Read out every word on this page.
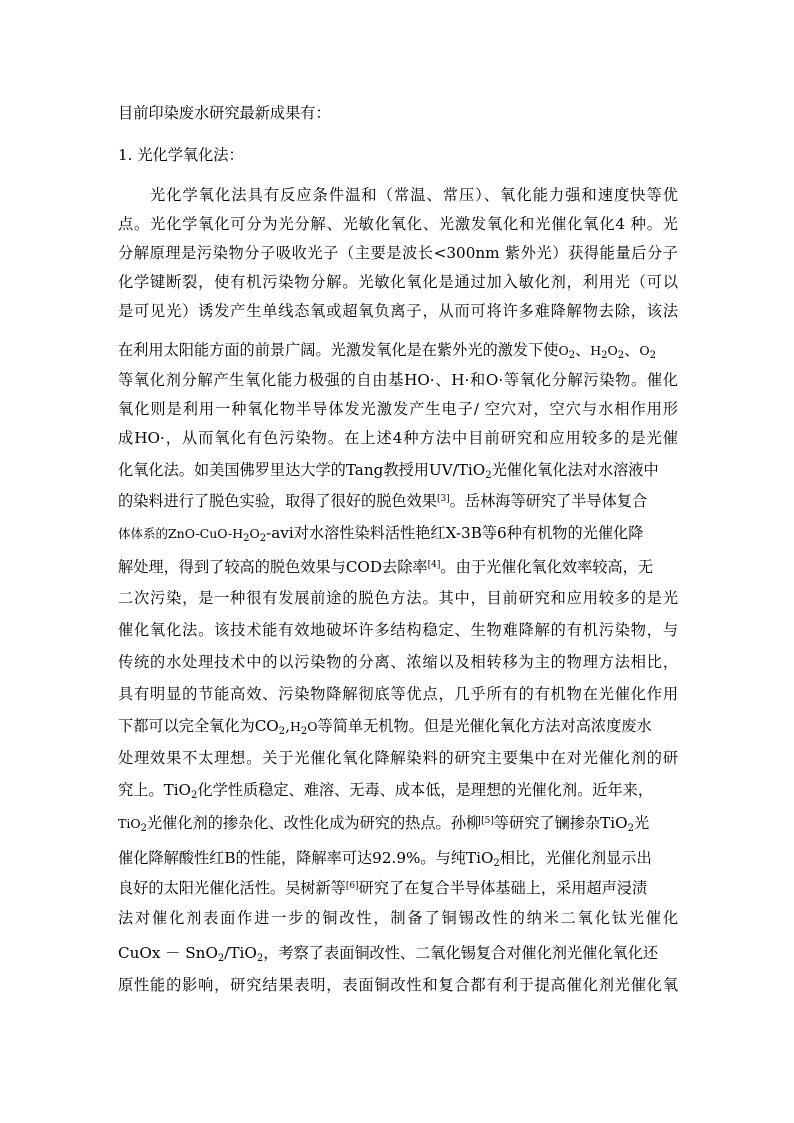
目前印染废水研究最新成果有：
1. 光化学氧化法：
光化学氧化法具有反应条件温和（常温、常压）、氧化能力强和速度快等优
点。光化学氧化可分为光分解、光敏化氧化、光激发氧化和光催化氧化4 种。光
分解原理是污染物分子吸收光子（主要是波长<300nm 紫外光）获得能量后分子
化学键断裂，使有机污染物分解。光敏化氧化是通过加入敏化剂，利用光（可以
是可见光）诱发产生单线态氧或超氧负离子，从而可将许多难降解物去除，该法
在利用太阳能方面的前景广阔。光激发氧化是在紫外光的激发下使$O_2$、$H_2O_2$、$O_2$
等氧化剂分解产生氧化能力极强的自由基HO·、H·和O·等氧化分解污染物。催化
氧化则是利用一种氧化物半导体发光激发产生电子/ 空穴对，空穴与水相作用形
成HO·，从而氧化有色污染物。在上述4种方法中目前研究和应用较多的是光催
化氧化法。如美国佛罗里达大学的Tang教授用UV/TiO$_2$光催化氧化法对水溶液中
的染料进行了脱色实验，取得了很好的脱色效果[3]。岳林海等研究了半导体复合
体体系的ZnO-$CuO-H_2O_2$-avi对水溶性染料活性艳红X-3B等6种有机物的光催化降
解处理，得到了较高的脱色效果与COD去除率[4]。由于光催化氧化效率较高，无
二次污染，是一种很有发展前途的脱色方法。其中，目前研究和应用较多的是光
催化氧化法。该技术能有效地破坏许多结构稳定、生物难降解的有机污染物，与
传统的水处理技术中的以污染物的分离、浓缩以及相转移为主的物理方法相比，
具有明显的节能高效、污染物降解彻底等优点，几乎所有的有机物在光催化作用
下都可以完全氧化为$CO_2,H_2O$等简单无机物。但是光催化氧化方法对高浓度废水
处理效果不太理想。关于光催化氧化降解染料的研究主要集中在对光催化剂的研
究上。TiO$_2$化学性质稳定、难溶、无毒、成本低，是理想的光催化剂。近年来，
TiO$_2$光催化剂的掺杂化、改性化成为研究的热点。孙柳[5]等研究了镧掺杂TiO$_2$光
催化降解酸性红B的性能，降解率可达92.9%。与纯TiO$_2$相比，光催化剂显示出
良好的太阳光催化活性。吴树新等[6]研究了在复合半导体基础上，采用超声浸渍
法对催化剂表面作进一步的铜改性，制备了铜锡改性的纳米二氧化钛光催化
CuOx － SnO$_2$/TiO$_2$，考察了表面铜改性、二氧化锡复合对催化剂光催化氧化还
原性能的影响，研究结果表明，表面铜改性和复合都有利于提高催化剂光催化氧
